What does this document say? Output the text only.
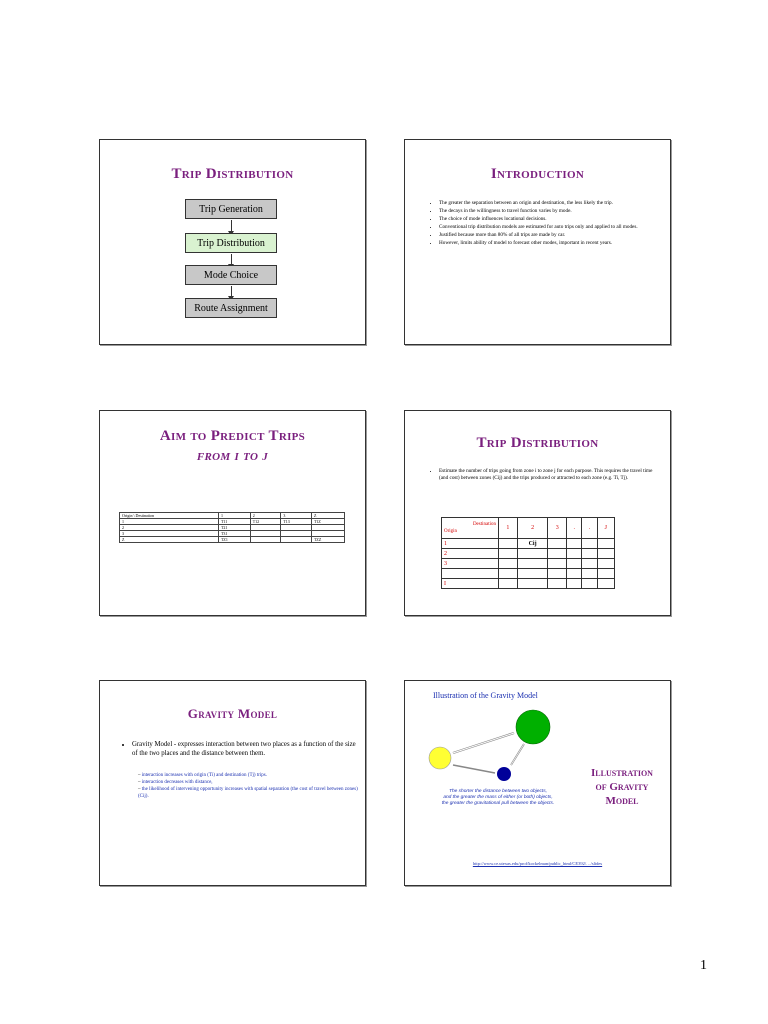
Trip Distribution
Trip Generation
Trip Distribution
Mode Choice
Route Assignment
Introduction
• The greater the separation between an origin and destination, the less likely the trip.
• The decays in the willingness to travel function varies by mode.
• The choice of mode influences locational decisions.
• Conventional trip distribution models are estimated for auto trips only and applied to all modes.
• Justified because more than 80% of all trips are made by car.
• However, limits ability of model to forecast other modes, important in recent years.
Aim to Predict Trips
from i to j
Origin \ Destination	1	2	3	Z
1	T11	T12	T13	T1Z
2	T21			
3	T31			
Z	TZ1			TZZ
Trip Distribution
• Estimate the number of trips going from zone i to zone j for each purpose. This requires the travel time (and cost) between zones (Cij) and the trips produced or attracted to each zone (e.g. Ti, Tj).
Destination
Origin	1	2	3	.	.	J
1		Cij				
2						
3						

I						
Gravity Model
• Gravity Model - expresses interaction between two places as a function of the size of the two places and the distance between them.
– interaction increases with origin (Ti) and destination (Tj) trips.
– interaction decreases with distance,
– the likelihood of intervening opportunity increases with spatial separation (the cost of travel between zones) (Cij).
Illustration of the Gravity Model
The shorter the distance between two objects,
and the greater the mass of either (or both) objects,
the greater the gravitational pull between the objects.
Illustration
of Gravity
Model
http://www.ce.utexas.edu/prof/kockelman/public_html/CE392/…/slides
1
